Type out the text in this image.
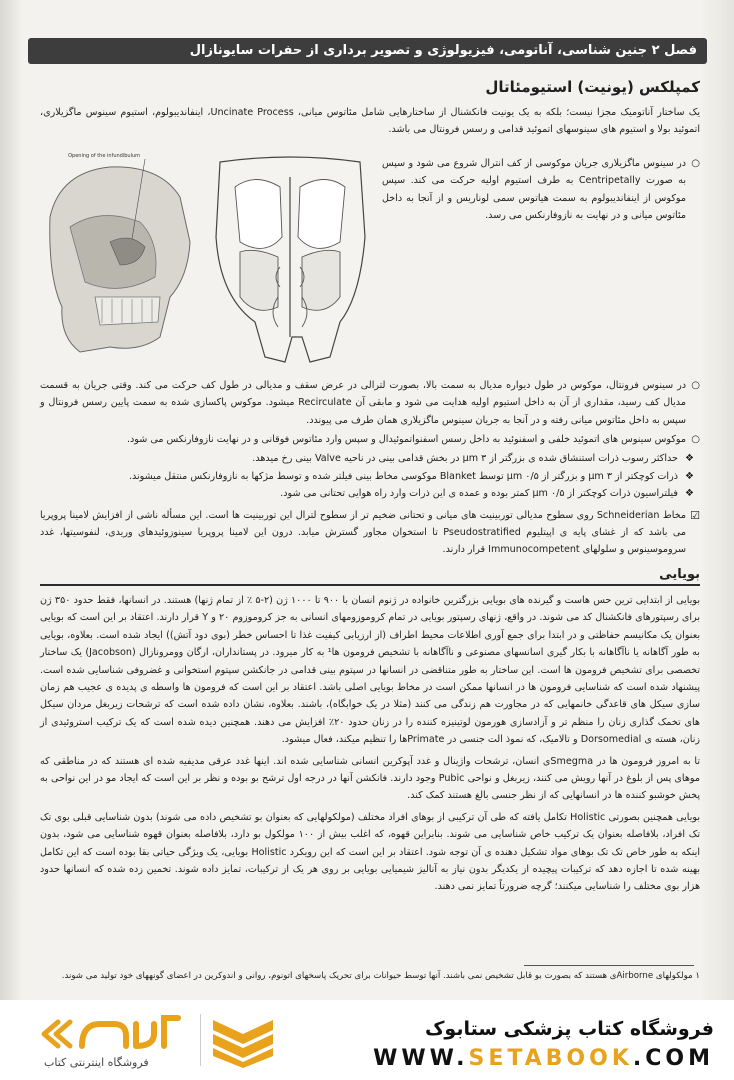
فصل ۲ جنین شناسی، آناتومی، فیزیولوژی و تصویر برداری از حفرات سایونازال
کمپلکس (یونیت) استیومئاتال

یک ساختار آناتومیک مجزا نیست؛ بلکه به یک یونیت فانکشنال از ساختارهایی شامل مئاتوس میانی، Uncinate Process، اینفاندیبولوم، استیوم سینوس ماگزیلاری، اتموئید بولا و استیوم های سینوسهای اتموئید قدامی و رسس فرونتال می باشد.

○
در سینوس ماگزیلاری جریان موکوسی از کف انترال شروع می شود و سپس به صورت Centripetally به طرف استیوم اولیه حرکت می کند. سپس موکوس از اینفاندیبولوم به سمت هیاتوس سمی لوناریس و از آنجا به داخل مئاتوس میانی و در نهایت به نازوفارنکس می رسد.
Opening of the infundibulum
○
در سینوس فرونتال، موکوس در طول دیواره مدیال به سمت بالا، بصورت لترالی در عرض سقف و مدیالی در طول کف حرکت می کند. وقتی جریان به قسمت مدیال کف رسید، مقداری از آن به داخل استیوم اولیه هدایت می شود و مابقی آن Recirculate میشود. موکوس پاکسازی شده به سمت پایین رسس فرونتال و سپس به داخل مئاتوس میانی رفته و در آنجا به جریان سینوس ماگزیلاری همان طرف می پیوندد.
○
موکوس سینوس های اتموئید خلفی و اسفنوئید به داخل رسس اسفنواتموئیدال و سپس وارد مئاتوس فوقانی و در نهایت نازوفارنکس می شود.
❖
حداکثر رسوب ذرات استنشاق شده ی بزرگتر از ۳ µm در بخش قدامی بینی در ناحیه Valve بینی رخ میدهد.
❖
ذرات کوچکتر از ۳ µm و بزرگتر از ۰/۵ µm توسط Blanket موکوسی مخاط بینی فیلتر شده و توسط مژکها به نازوفارنکس منتقل میشوند.
❖
فیلتراسیون ذرات کوچکتر از ۰/۵ µm کمتر بوده و عمده ی این ذرات وارد راه هوایی تحتانی می شود.

☑
مخاط Schneiderian روی سطوح مدیالی توربینیت های میانی و تحتانی ضخیم تر از سطوح لترال این توربینیت ها است. این مسأله ناشی از افزایش لامینا پروپریا می باشد که از غشای پایه ی اپیتلیوم Pseudostratified تا استخوان مجاور گسترش میابد. درون این لامینا پروپریا سینوزوئیدهای وریدی، لنفوسیتها، غدد سروموسینوس و سلولهای Immunocompetent قرار دارند.

بویایی

بویایی از ابتدایی ترین حس هاست و گیرنده های بویایی بزرگترین خانواده در ژنوم انسان با ۹۰۰ تا ۱۰۰۰ ژن (۲-۵ ٪ از تمام ژنها) هستند. در انسانها، فقط حدود ۳۵۰ ژن برای رسپتورهای فانکشنال کد می شوند. در واقع، ژنهای رسپتور بویایی در تمام کروموزومهای انسانی به جز کروموزوم ۲۰ و Y قرار دارند. اعتقاد بر این است که بویایی بعنوان یک مکانیسم حفاظتی و در ابتدا برای جمع آوری اطلاعات محیط اطراف (از ارزیابی کیفیت غذا تا احساس خطر (بوی دود آتش)) ایجاد شده است. بعلاوه، بویایی به طور آگاهانه یا ناآگاهانه با بکار گیری اسانسهای مصنوعی و ناآگاهانه با تشخیص فرومون ها¹ به کار میرود. در پستانداران، ارگان وومرونازال (Jacobson) یک ساختار تخصصی برای تشخیص فرومون ها است. این ساختار به طور متناقضی در انسانها در سپتوم بینی قدامی در جانکشن سپتوم استخوانی و غضروفی شناسایی شده است. پیشنهاد شده است که شناسایی فرومون ها در انسانها ممکن است در مخاط بویایی اصلی باشد. اعتقاد بر این است که فرومون ها واسطه ی پدیده ی عجیب هم زمان سازی سیکل های قاعدگی خانمهایی که در مجاورت هم زندگی می کنند (مثلا در یک خوابگاه)، باشند. بعلاوه، نشان داده شده است که ترشحات زیربغل مردان سیکل های تخمک گذاری زنان را منظم تر و آزادسازی هورمون لوتینیزه کننده را در زنان حدود ۲۰٪ افزایش می دهند. همچنین دیده شده است که یک ترکیب استروئیدی از زنان، هسته ی Dorsomedial و تالامیک، که نموذ الت جنسی در Primateها را تنظیم میکند، فعال میشود.

تا به امروز فرومون ها در Smegmaی انسان، ترشحات واژینال و غدد آپوکرین انسانی شناسایی شده اند. اینها غدد عرقی مدیفیه شده ای هستند که در مناطقی که موهای پس از بلوغ در آنها رویش می کنند، زیربغل و نواحی Pubic وجود دارند. فانکشن آنها در درجه اول ترشح بو بوده و نظر بر این است که ایجاد مو در این نواحی به پخش خوشبو کننده ها در انسانهایی که از نظر جنسی بالغ هستند کمک کند.

بویایی همچنین بصورتی Holistic تکامل یافته که طی آن ترکیبی از بوهای افراد مختلف (مولکولهایی که بعنوان بو تشخیص داده می شوند) بدون شناسایی قبلی بوی تک تک افراد، بلافاصله بعنوان یک ترکیب خاص شناسایی می شوند. بنابراین قهوه، که اغلب بیش از ۱۰۰ مولکول بو دارد، بلافاصله بعنوان قهوه شناسایی می شود، بدون اینکه به طور خاص تک تک بوهای مواد تشکیل دهنده ی آن توجه شود. اعتقاد بر این است که این رویکرد Holistic بویایی، یک ویژگی حیاتی بقا بوده است که این تکامل بهینه شده تا اجازه دهد که ترکیبات پیچیده از یکدیگر بدون نیاز به آنالیز شیمیایی بویایی بر روی هر یک از ترکیبات، تمایز داده شوند. تخمین زده شده که انسانها حدود هزار بوی مختلف را شناسایی میکنند؛ گرچه ضرورتاً تمایز نمی دهند.

۱ مولکولهای Airborneی هستند که بصورت بو قابل تشخیص نمی باشند. آنها توسط حیوانات برای تحریک پاسخهای اتونوم، روانی و اندوکرین در اعضای گونههای خود تولید می شوند.
فروشگاه کتاب پزشکی ستابوک
WWW.SETABOOK.COM
فروشگاه اینترنتی کتاب
